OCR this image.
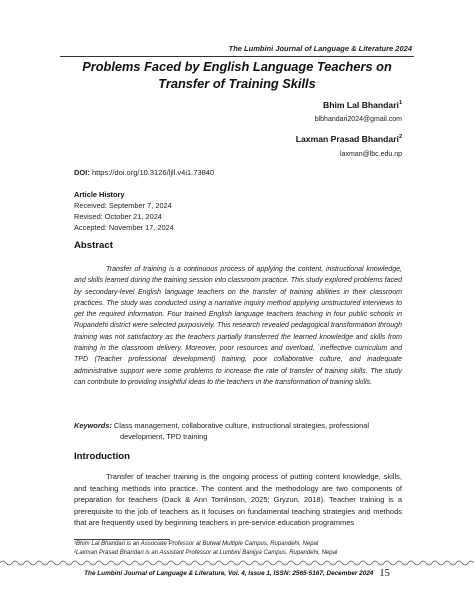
The Lumbini Journal of Language & Literature 2024
Problems Faced by English Language Teachers on Transfer of Training Skills
Bhim Lal Bhandari$^1$
blbhandari2024@gmail.com
Laxman Prasad Bhandari$^2$
laxman@lbc.edu.np
DOI: https://doi.org/10.3126/ljll.v4i1.73840
Article History
Received: September 7, 2024
Revised: October 21, 2024
Accepted: November 17, 2024
Abstract

Transfer of training is a continuous process of applying the content, instructional knowledge, and skills learned during the training session into classroom practice. This study explored problems faced by secondary-level English language teachers on the transfer of training abilities in their classroom practices. The study was conducted using a narrative inquiry method applying unstructured interviews to get the required information. Four trained English language teachers teaching in four public schools in Rupandehi district were selected purposively. This research revealed pedagogical transformation through training was not satisfactory as the teachers partially transferred the learned knowledge and skills from training in the classroom delivery. Moreover, poor resources and overload, `ineffective curriculum and TPD (Teacher professional development) training, poor collaborative culture, and inadequate administrative support were some problems to increase the rate of transfer of training skills. The study can contribute to providing insightful ideas to the teachers in the transformation of training skills.

Keywords: Class management, collaborative culture, instructional strategies, professional development, TPD training
Introduction

Transfer of teacher training is the ongoing process of putting content knowledge, skills, and teaching methods into practice. The content and the methodology are two components of preparation for teachers (Dack & Ann Tomlinson, 2025; Gryzun, 2018). Teacher training is a prerequisite to the job of teachers as it focuses on fundamental teaching strategies and methods that are frequently used by beginning teachers in pre-service education programmes

¹Bhim Lal Bhandari is an Associate Professor at Butwal Multiple Campus, Rupandehi, Nepal
²Laxman Prasad Bhandari is an Assistant Professor at Lumbini Banijya Campus, Rupandehi, Nepal
The Lumbini Journal of Language & Literature, Vol. 4, Issue 1, ISSN: 2565-5167, December 2024 15
